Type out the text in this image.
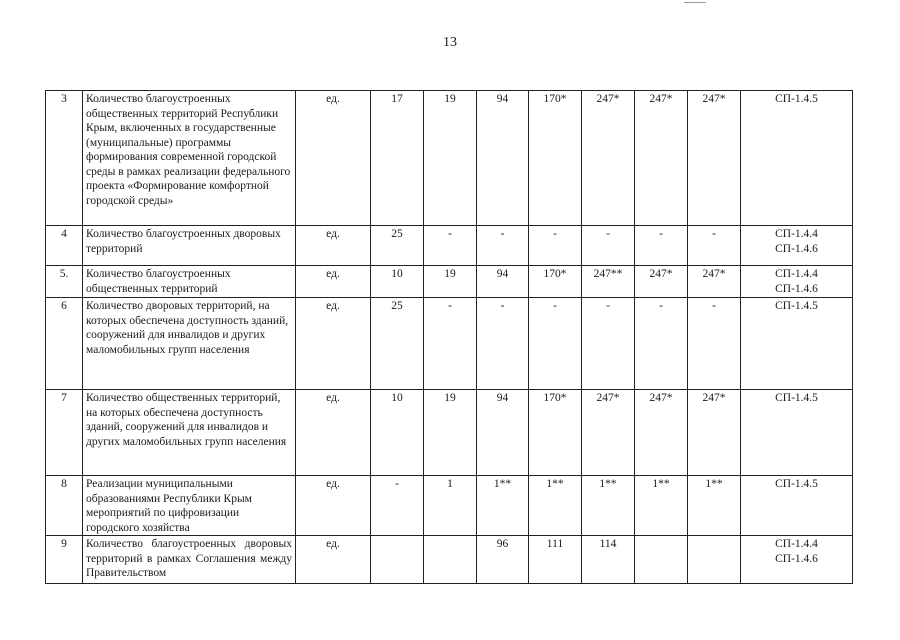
13
3	Количество благоустроенных общественных территорий Республики Крым, включенных в государственные (муниципальные) программы формирования современной городской среды в рамках реализации федерального проекта «Формирование комфортной городской среды»	ед.	17	19	94	170*	247*	247*	247*	СП-1.4.5

4	Количество благоустроенных дворовых территорий	ед.	25	-	-	-	-	-	-	СП-1.4.4
СП-1.4.6

5.	Количество благоустроенных общественных территорий	ед.	10	19	94	170*	247**	247*	247*	СП-1.4.4
СП-1.4.6

6	Количество дворовых территорий, на которых обеспечена доступность зданий, сооружений для инвалидов и других маломобильных групп населения	ед.	25	-	-	-	-	-	-	СП-1.4.5

7	Количество общественных территорий, на которых обеспечена доступность зданий, сооружений для инвалидов и других маломобильных групп населения	ед.	10	19	94	170*	247*	247*	247*	СП-1.4.5

8	Реализации муниципальными образованиями Республики Крым мероприятий по цифровизации городского хозяйства	ед.	-	1	1**	1**	1**	1**	1**	СП-1.4.5

9	Количество благоустроенных дворовых территорий в рамках Соглашения между Правительством	ед.			96	111	114			СП-1.4.4
СП-1.4.6
